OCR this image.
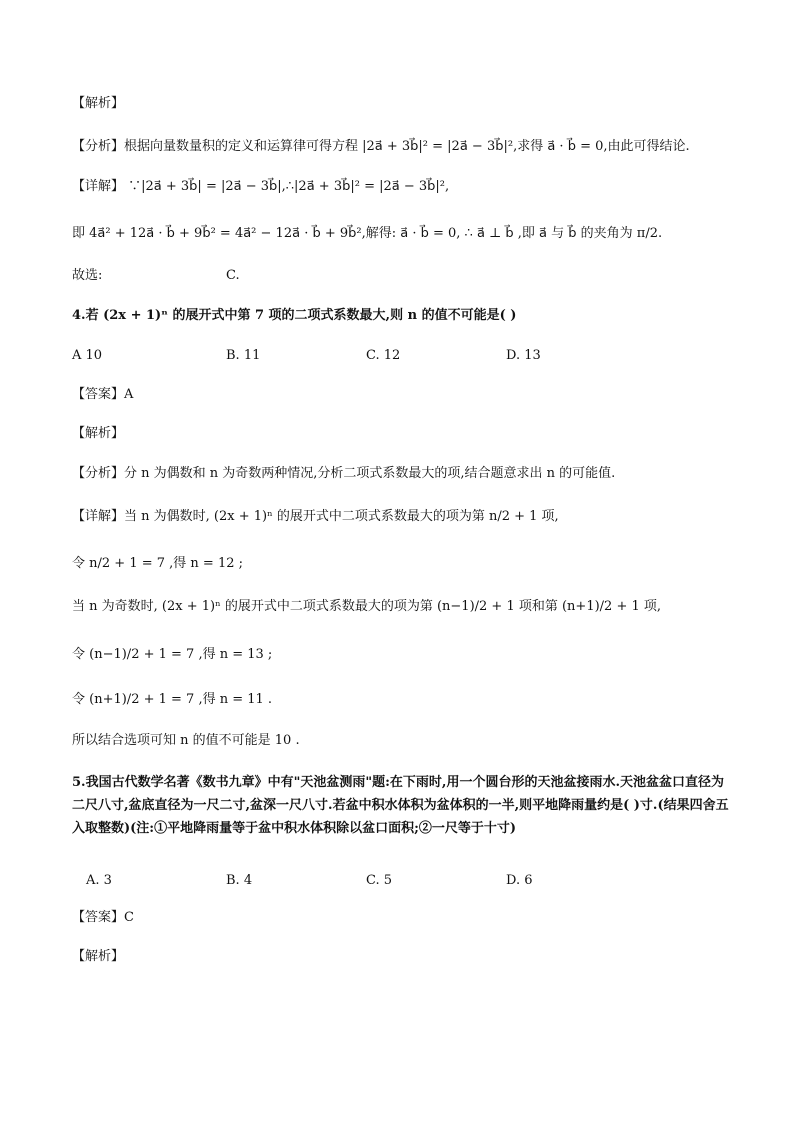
【解析】
【分析】根据向量数量积的定义和运算律可得方程 |2a⃗ + 3b⃗|² = |2a⃗ − 3b⃗|²,求得 a⃗ · b⃗ = 0,由此可得结论.
【详解】 ∵|2a⃗ + 3b⃗| = |2a⃗ − 3b⃗|,∴|2a⃗ + 3b⃗|² = |2a⃗ − 3b⃗|²,
即 4a⃗² + 12a⃗ · b⃗ + 9b⃗² = 4a⃗² − 12a⃗ · b⃗ + 9b⃗²,解得: a⃗ · b⃗ = 0, ∴ a⃗ ⊥ b⃗ ,即 a⃗ 与 b⃗ 的夹角为 π/2.
故选:	C.
4.若 (2x + 1)ⁿ 的展开式中第 7 项的二项式系数最大,则 n 的值不可能是( )
A 10	B. 11	C. 12	D. 13
【答案】A
【解析】
【分析】分 n 为偶数和 n 为奇数两种情况,分析二项式系数最大的项,结合题意求出 n 的可能值.
【详解】当 n 为偶数时, (2x + 1)ⁿ 的展开式中二项式系数最大的项为第 n/2 + 1 项,
令 n/2 + 1 = 7 ,得 n = 12 ;
当 n 为奇数时, (2x + 1)ⁿ 的展开式中二项式系数最大的项为第 (n−1)/2 + 1 项和第 (n+1)/2 + 1 项,
令 (n−1)/2 + 1 = 7 ,得 n = 13 ;
令 (n+1)/2 + 1 = 7 ,得 n = 11 .
所以结合选项可知 n 的值不可能是 10 .
5.我国古代数学名著《数书九章》中有"天池盆测雨"题:在下雨时,用一个圆台形的天池盆接雨水.天池盆盆口直径为二尺八寸,盆底直径为一尺二寸,盆深一尺八寸.若盆中积水体积为盆体积的一半,则平地降雨量约是( )寸.(结果四舍五入取整数)(注:①平地降雨量等于盆中积水体积除以盆口面积;②一尺等于十寸)
A. 3	B. 4	C. 5	D. 6
【答案】C
【解析】
